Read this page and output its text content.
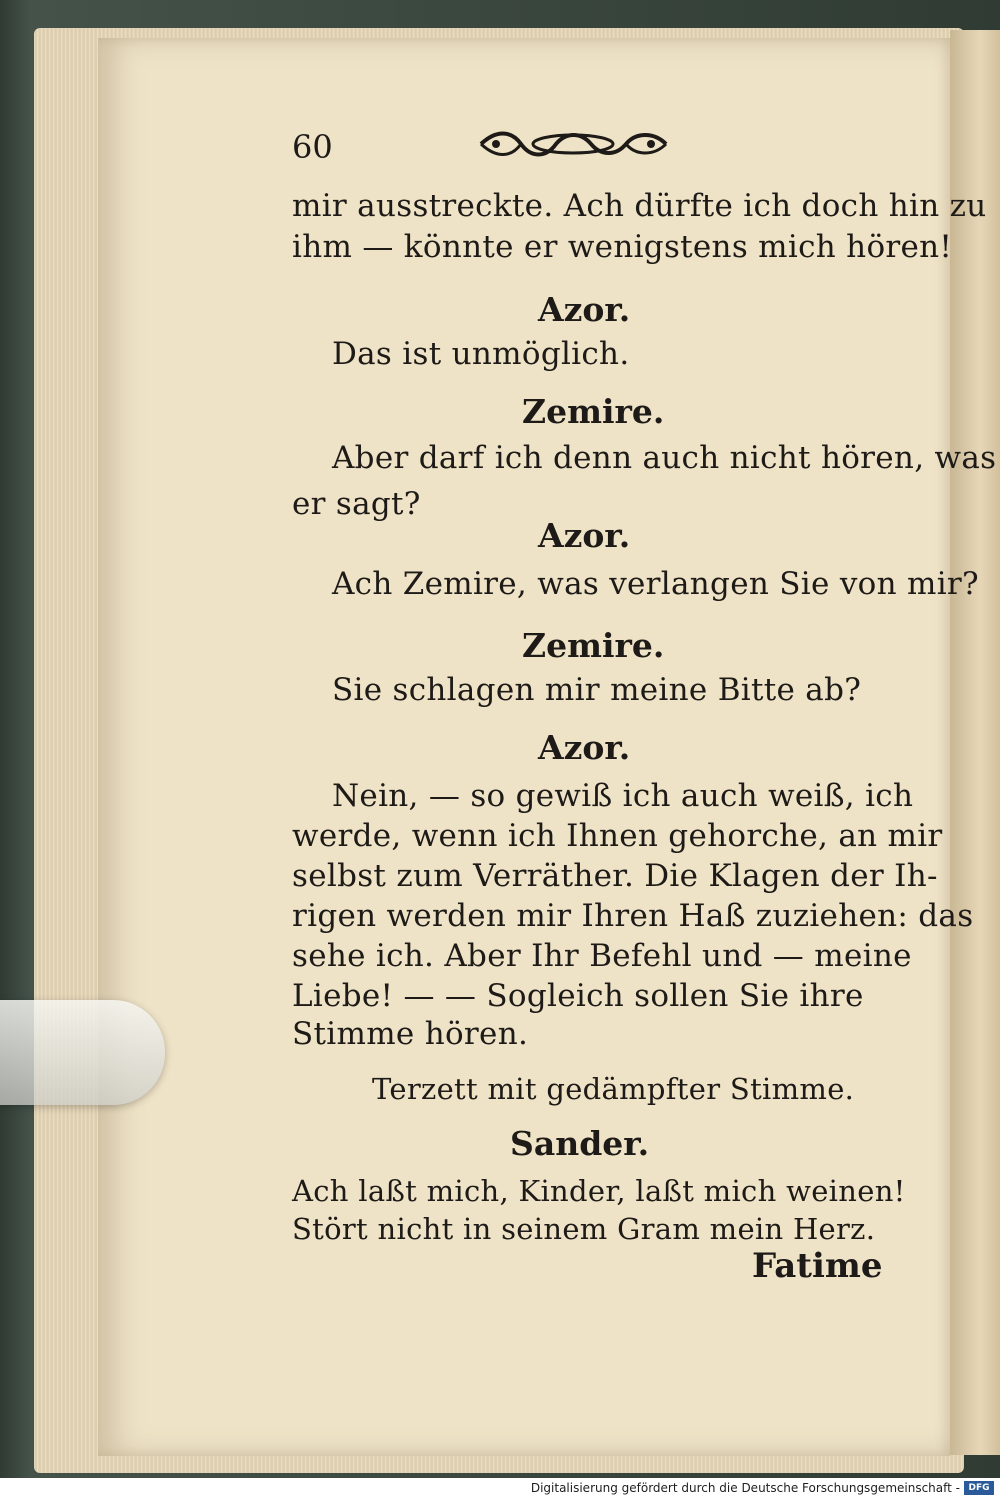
60
mir ausstreckte. Ach dürfte ich doch hin zu
ihm — könnte er wenigstens mich hören!
Azor.
Das ist unmöglich.
Zemire.
Aber darf ich denn auch nicht hören, was
er sagt?
Azor.
Ach Zemire, was verlangen Sie von mir?
Zemire.
Sie schlagen mir meine Bitte ab?
Azor.
Nein, — so gewiß ich auch weiß, ich
werde, wenn ich Ihnen gehorche, an mir
selbst zum Verräther. Die Klagen der Ih-
rigen werden mir Ihren Haß zuziehen: das
sehe ich. Aber Ihr Befehl und — meine
Liebe! — — Sogleich sollen Sie ihre
Stimme hören.
Terzett mit gedämpfter Stimme.
Sander.
Ach laßt mich, Kinder, laßt mich weinen!
Stört nicht in seinem Gram mein Herz.
Fatime
Digitalisierung gefördert durch die Deutsche Forschungsgemeinschaft - DFG
